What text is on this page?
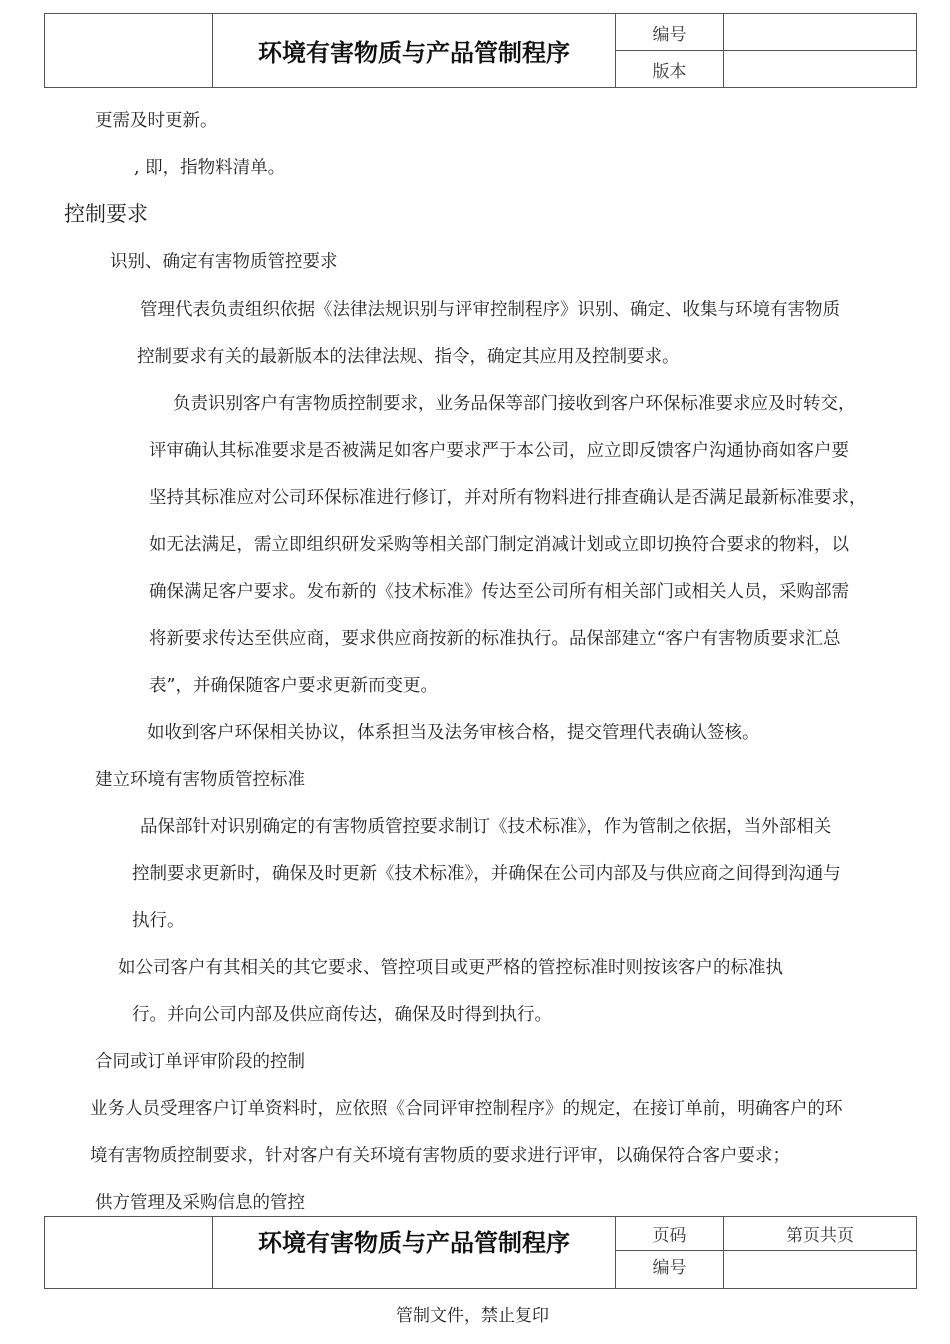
	环境有害物质与产品管制程序	编号	
		版本	
更需及时更新。
, 即，指物料清单。
控制要求
识别、确定有害物质管控要求
管理代表负责组织依据《法律法规识别与评审控制程序》识别、确定、收集与环境有害物质
控制要求有关的最新版本的法律法规、指令，确定其应用及控制要求。
负责识别客户有害物质控制要求，业务品保等部门接收到客户环保标准要求应及时转交，
评审确认其标准要求是否被满足如客户要求严于本公司，应立即反馈客户沟通协商如客户要
坚持其标准应对公司环保标准进行修订，并对所有物料进行排查确认是否满足最新标准要求，
如无法满足，需立即组织研发采购等相关部门制定消减计划或立即切换符合要求的物料，以
确保满足客户要求。发布新的《技术标准》传达至公司所有相关部门或相关人员，采购部需
将新要求传达至供应商，要求供应商按新的标准执行。品保部建立“客户有害物质要求汇总
表”，并确保随客户要求更新而变更。
如收到客户环保相关协议，体系担当及法务审核合格，提交管理代表确认签核。
建立环境有害物质管控标准
品保部针对识别确定的有害物质管控要求制订《技术标准》，作为管制之依据，当外部相关
控制要求更新时，确保及时更新《技术标准》，并确保在公司内部及与供应商之间得到沟通与
执行。
如公司客户有其相关的其它要求、管控项目或更严格的管控标准时则按该客户的标准执
行。并向公司内部及供应商传达，确保及时得到执行。
合同或订单评审阶段的控制
业务人员受理客户订单资料时，应依照《合同评审控制程序》的规定，在接订单前，明确客户的环
境有害物质控制要求，针对客户有关环境有害物质的要求进行评审，以确保符合客户要求；
供方管理及采购信息的管控
	环境有害物质与产品管制程序	页码	第页共页
		编号	
管制文件，禁止复印
